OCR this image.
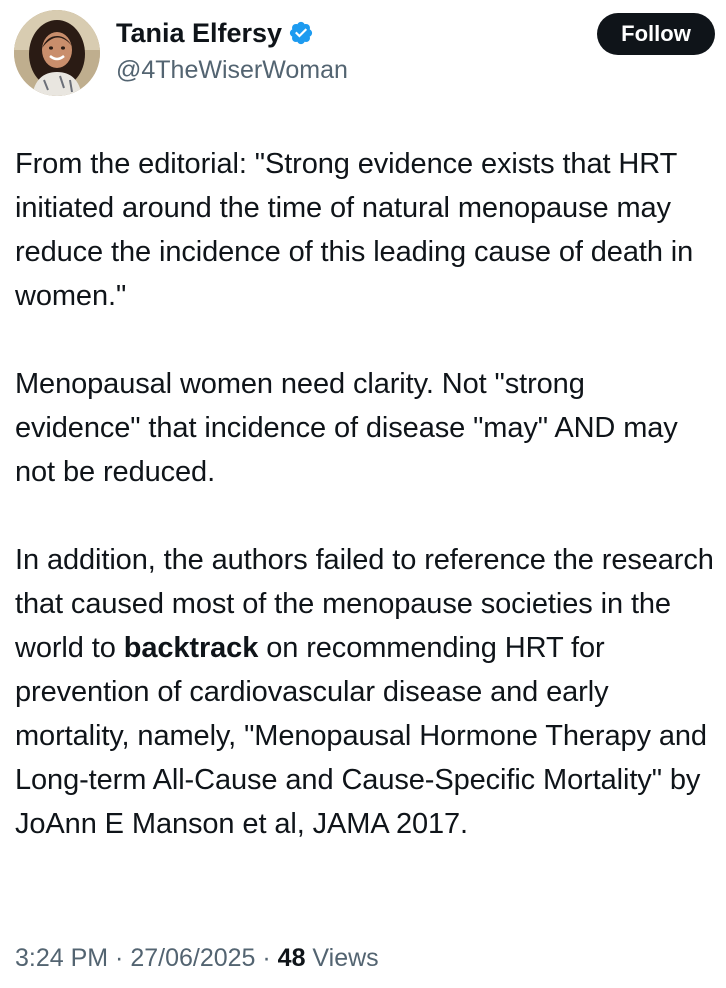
Tania Elfersy
@4TheWiserWoman
Follow

From the editorial: "Strong evidence exists that HRT initiated around the time of natural menopause may reduce the incidence of this leading cause of death in women."

Menopausal women need clarity. Not "strong evidence" that incidence of disease "may" AND may not be reduced.

In addition, the authors failed to reference the research that caused most of the menopause societies in the world to backtrack on recommending HRT for prevention of cardiovascular disease and early mortality, namely, "Menopausal Hormone Therapy and Long-term All-Cause and Cause-Specific Mortality" by JoAnn E Manson et al, JAMA 2017.

3:24 PM · 27/06/2025 · 48 Views
